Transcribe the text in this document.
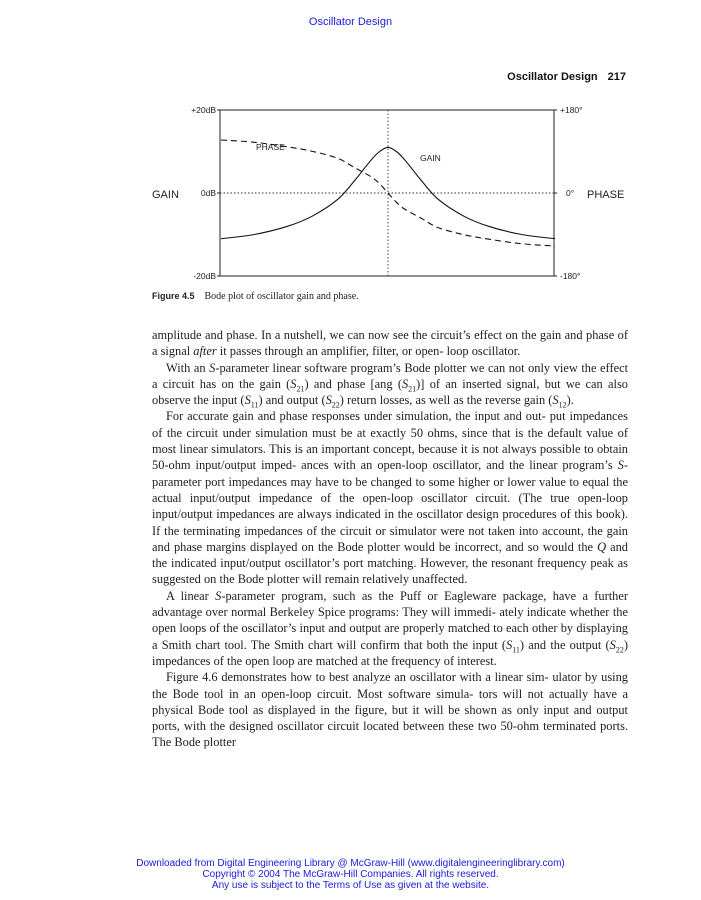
Oscillator Design
Oscillator Design 217
+20dB
0dB
-20dB
+180°
0°
-180°
GAIN	PHASE
PHASE
GAIN
Figure 4.5 Bode plot of oscillator gain and phase.

amplitude and phase. In a nutshell, we can now see the circuit’s effect on the gain and phase of a signal after it passes through an amplifier, filter, or open- loop oscillator.

With an S-parameter linear software program’s Bode plotter we can not only view the effect a circuit has on the gain $(S_{21})$ and phase [ang $(S_{21})$] of an inserted signal, but we can also observe the input $(S_{11})$ and output $(S_{22})$ return losses, as well as the reverse gain $(S_{12})$.

For accurate gain and phase responses under simulation, the input and out- put impedances of the circuit under simulation must be at exactly 50 ohms, since that is the default value of most linear simulators. This is an important concept, because it is not always possible to obtain 50-ohm input/output imped- ances with an open-loop oscillator, and the linear program’s S-parameter port impedances may have to be changed to some higher or lower value to equal the actual input/output impedance of the open-loop oscillator circuit. (The true open-loop input/output impedances are always indicated in the oscillator design procedures of this book). If the terminating impedances of the circuit or simulator were not taken into account, the gain and phase margins displayed on the Bode plotter would be incorrect, and so would the Q and the indicated input/output oscillator’s port matching. However, the resonant frequency peak as suggested on the Bode plotter will remain relatively unaffected.

A linear S-parameter program, such as the Puff or Eagleware package, have a further advantage over normal Berkeley Spice programs: They will immedi- ately indicate whether the open loops of the oscillator’s input and output are properly matched to each other by displaying a Smith chart tool. The Smith chart will confirm that both the input $(S_{11})$ and the output $(S_{22})$ impedances of the open loop are matched at the frequency of interest.

Figure 4.6 demonstrates how to best analyze an oscillator with a linear sim- ulator by using the Bode tool in an open-loop circuit. Most software simula- tors will not actually have a physical Bode tool as displayed in the figure, but it will be shown as only input and output ports, with the designed oscillator circuit located between these two 50-ohm terminated ports. The Bode plotter

Downloaded from Digital Engineering Library @ McGraw-Hill (www.digitalengineeringlibrary.com)
Copyright © 2004 The McGraw-Hill Companies. All rights reserved.
Any use is subject to the Terms of Use as given at the website.
